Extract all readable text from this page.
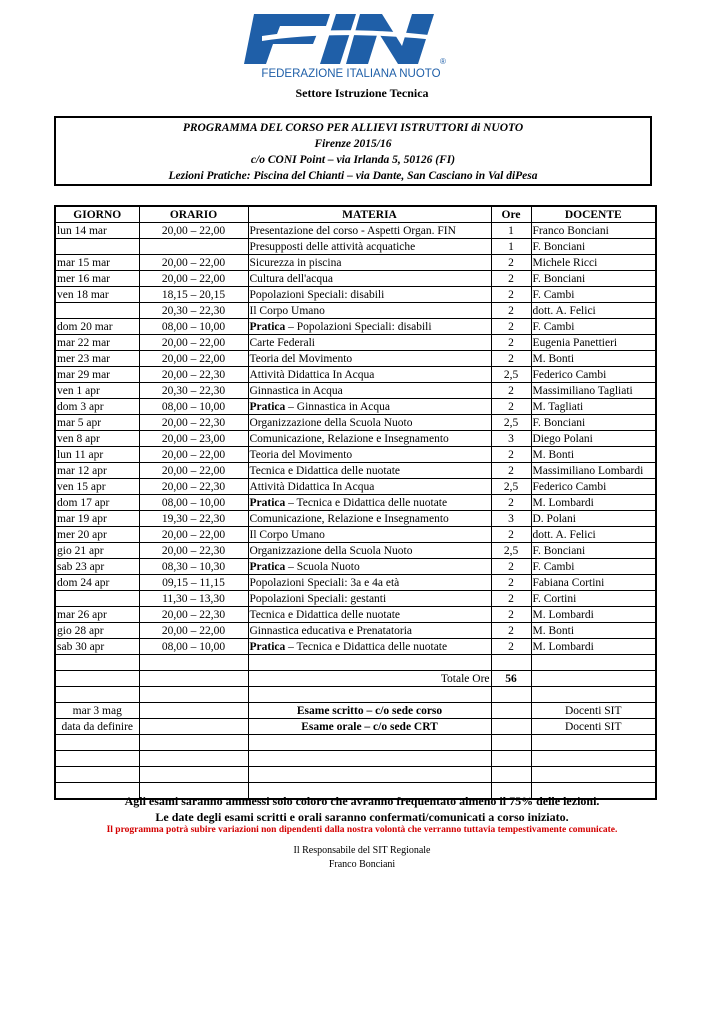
®
FEDERAZIONE ITALIANA NUOTO
Settore Istruzione Tecnica
PROGRAMMA DEL CORSO PER ALLIEVI ISTRUTTORI di NUOTO
Firenze 2015/16
c/o CONI Point – via Irlanda 5, 50126 (FI)
Lezioni Pratiche: Piscina del Chianti – via Dante, San Casciano in Val diPesa
GIORNO	ORARIO	MATERIA	Ore	DOCENTE
lun 14 mar	20,00 – 22,00	Presentazione del corso - Aspetti Organ. FIN	1	Franco Bonciani
		Presupposti delle attività acquatiche	1	F. Bonciani
mar 15 mar	20,00 – 22,00	Sicurezza in piscina	2	Michele Ricci
mer 16 mar	20,00 – 22,00	Cultura dell'acqua	2	F. Bonciani
ven 18 mar	18,15 – 20,15	Popolazioni Speciali: disabili	2	F. Cambi
	20,30 – 22,30	Il Corpo Umano	2	dott. A. Felici
dom 20 mar	08,00 – 10,00	Pratica – Popolazioni Speciali: disabili	2	F. Cambi
mar 22 mar	20,00 – 22,00	Carte Federali	2	Eugenia Panettieri
mer 23 mar	20,00 – 22,00	Teoria del Movimento	2	M. Bonti
mar 29 mar	20,00 – 22,30	Attività Didattica In Acqua	2,5	Federico Cambi
ven 1 apr	20,30 – 22,30	Ginnastica in Acqua	2	Massimiliano Tagliati
dom 3 apr	08,00 – 10,00	Pratica – Ginnastica in Acqua	2	M. Tagliati
mar 5 apr	20,00 – 22,30	Organizzazione della Scuola Nuoto	2,5	F. Bonciani
ven 8 apr	20,00 – 23,00	Comunicazione, Relazione e Insegnamento	3	Diego Polani
lun 11 apr	20,00 – 22,00	Teoria del Movimento	2	M. Bonti
mar 12 apr	20,00 – 22,00	Tecnica e Didattica delle nuotate	2	Massimiliano Lombardi
ven 15 apr	20,00 – 22,30	Attività Didattica In Acqua	2,5	Federico Cambi
dom 17 apr	08,00 – 10,00	Pratica – Tecnica e Didattica delle nuotate	2	M. Lombardi
mar 19 apr	19,30 – 22,30	Comunicazione, Relazione e Insegnamento	3	D. Polani
mer 20 apr	20,00 – 22,00	Il Corpo Umano	2	dott. A. Felici
gio 21 apr	20,00 – 22,30	Organizzazione della Scuola Nuoto	2,5	F. Bonciani
sab 23 apr	08,30 – 10,30	Pratica – Scuola Nuoto	2	F. Cambi
dom 24 apr	09,15 – 11,15	Popolazioni Speciali: 3a e 4a età	2	Fabiana Cortini
	11,30 – 13,30	Popolazioni Speciali: gestanti	2	F. Cortini
mar 26 apr	20,00 – 22,30	Tecnica e Didattica delle nuotate	2	M. Lombardi
gio 28 apr	20,00 – 22,00	Ginnastica educativa e Prenatatoria	2	M. Bonti
sab 30 apr	08,00 – 10,00	Pratica – Tecnica e Didattica delle nuotate	2	M. Lombardi

		Totale Ore	56	

mar 3 mag		Esame scritto – c/o sede corso		Docenti SIT
data da definire		Esame orale – c/o sede CRT		Docenti SIT

Agli esami saranno ammessi solo coloro che avranno frequentato almeno il 75% delle lezioni.
Le date degli esami scritti e orali saranno confermati/comunicati a corso iniziato.
Il programma potrà subire variazioni non dipendenti dalla nostra volontà che verranno tuttavia tempestivamente comunicate.
Il Responsabile del SIT Regionale
Franco Bonciani
